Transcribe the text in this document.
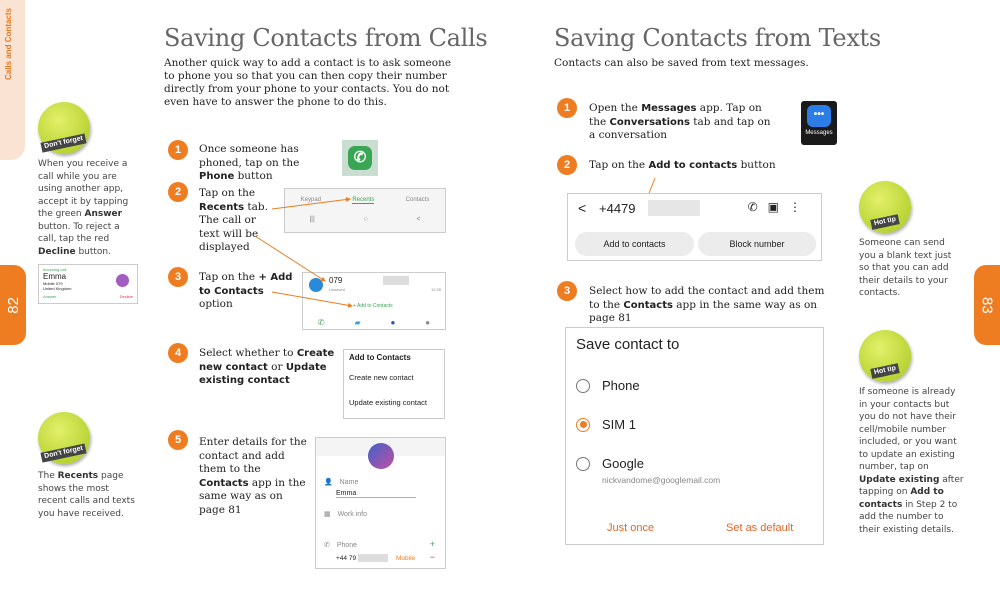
Calls and Contacts
82	83
Saving Contacts from Calls

Another quick way to add a contact is to ask someone to phone you so that you can then copy their number directly from your phone to your contacts. You do not even have to answer the phone to do this.

Don't forget

When you receive a call while you are using another app, accept it by tapping the green Answer button. To reject a call, tap the red Decline button.

Incoming call
Emma
Mobile 079
United Kingdom
Answer	Decline
Don't forget

The Recents page shows the most recent calls and texts you have received.

1	Once someone has phoned, tap on the Phone button

✆
2	Tap on the Recents tab. The call or text will be displayed

Keypad	Recents	Contacts
|||	○	<
3	Tap on the + Add to Contacts option

079
Unsaved	12:39
+ Add to Contacts
✆	▰	●	●
4	Select whether to Create new contact or Update existing contact

Add to Contacts
Create new contact
Update existing contact
5	Enter details for the contact and add them to the Contacts app in the same way as on page 81

👤 Name
Emma
▦ Work info
✆ Phone	+
+44 79	Mobile −
Saving Contacts from Texts

Contacts can also be saved from text messages.

1	Open the Messages app. Tap on the Conversations tab and tap on a conversation

•••
Messages
2	Tap on the Add to contacts button

< +4479	✆▣⋮
Add to contacts	Block number
3	Select how to add the contact and add them to the Contacts app in the same way as on page 81

Save contact to
Phone
SIM 1
Google
nickvandome@googlemail.com
Just once	Set as default
Hot tip

Someone can send you a blank text just so that you can add their details to your contacts.

Hot tip

If someone is already in your contacts but you do not have their cell/mobile number included, or you want to update an existing number, tap on Update existing after tapping on Add to contacts in Step 2 to add the number to their existing details.
